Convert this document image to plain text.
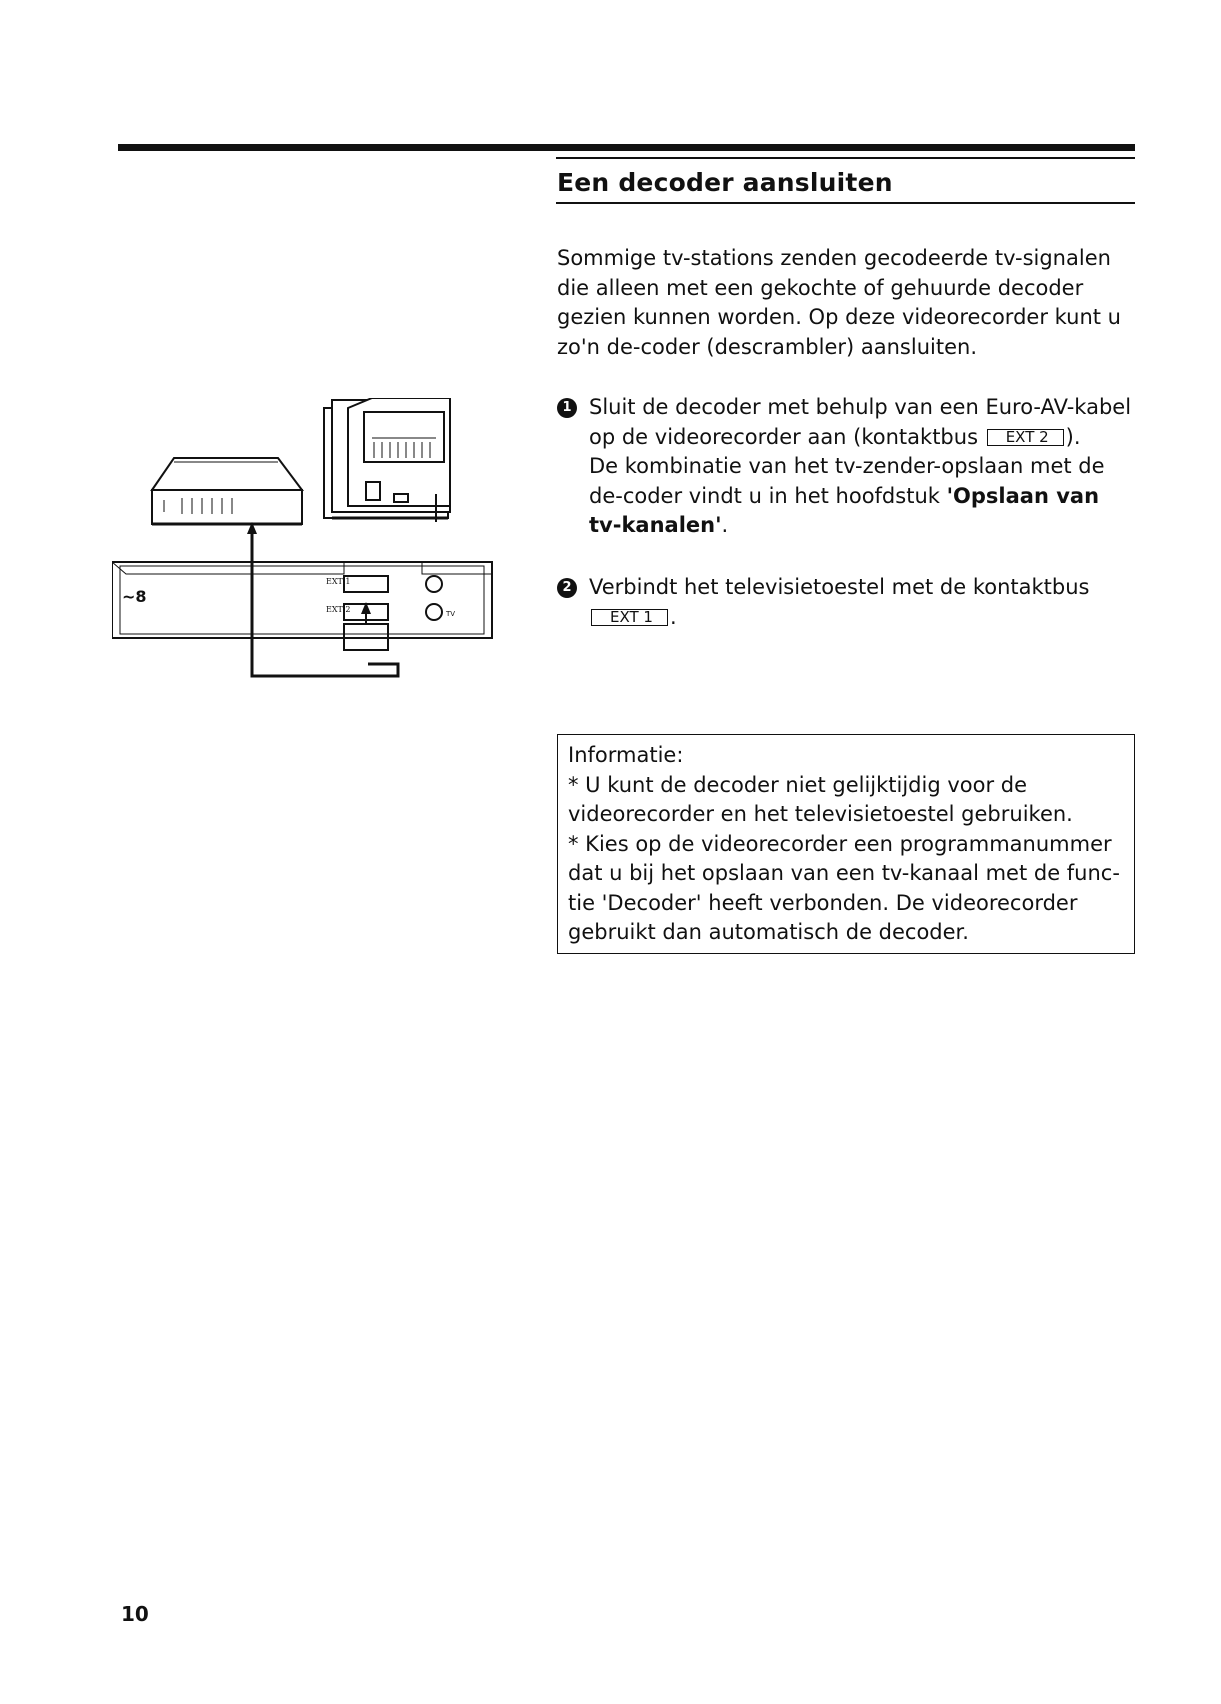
Een decoder aansluiten

Sommige tv-stations zenden gecodeerde tv-signalen die alleen met een gekochte of gehuurde decoder gezien kunnen worden. Op deze videorecorder kunt u zo'n de-coder (descrambler) aansluiten.

1 Sluit de decoder met behulp van een Euro-AV-kabel op de videorecorder aan (kontaktbus EXT 2 ).
De kombinatie van het tv-zender-opslaan met de de-coder vindt u in het hoofdstuk 'Opslaan van tv-kanalen'.
2 Verbindt het televisietoestel met de kontaktbus
EXT 1 .
Informatie:
* U kunt de decoder niet gelijktijdig voor de videorecorder en het televisietoestel gebruiken.
* Kies op de videorecorder een programmanummer dat u bij het opslaan van een tv-kanaal met de func-tie 'Decoder' heeft verbonden. De videorecorder gebruikt dan automatisch de decoder.
~8
EXT 1
EXT 2	TV
10
